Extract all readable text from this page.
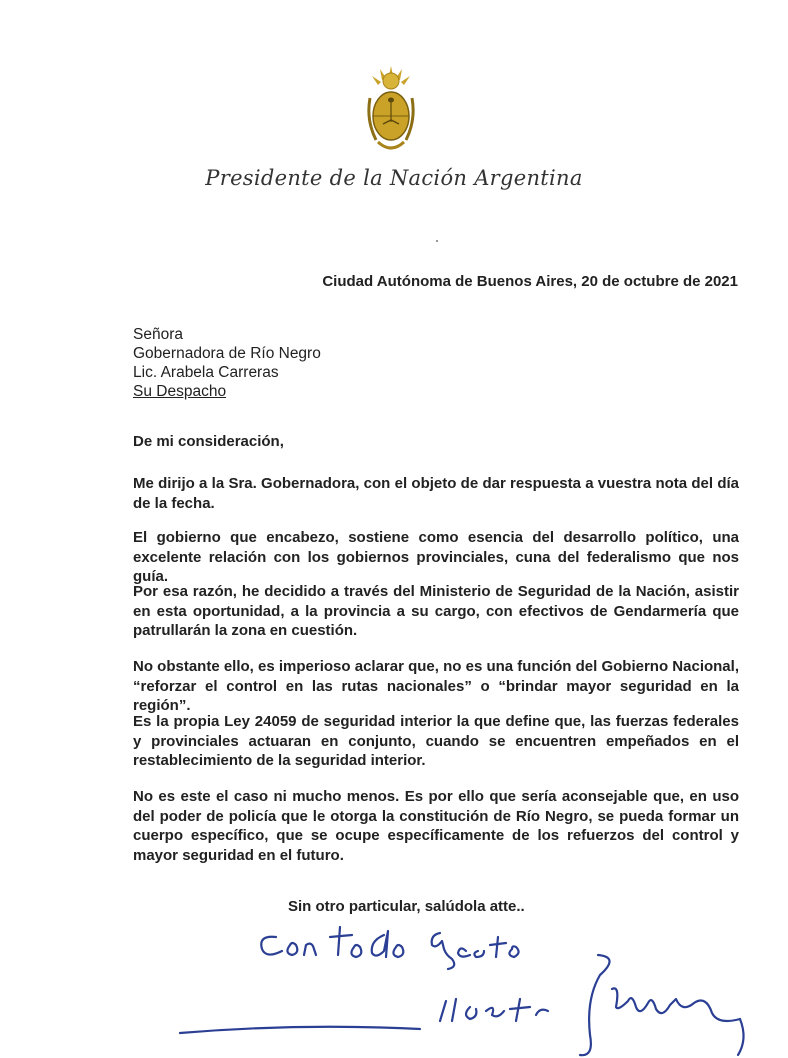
Presidente de la Nación Argentina
Ciudad Autónoma de Buenos Aires, 20 de octubre de 2021
Señora
Gobernadora de Río Negro
Lic. Arabela Carreras
Su Despacho
De mi consideración,
Me dirijo a la Sra. Gobernadora, con el objeto de dar respuesta a vuestra nota del día de la fecha.
El gobierno que encabezo, sostiene como esencia del desarrollo político, una excelente relación con los gobiernos provinciales, cuna del federalismo que nos guía.
Por esa razón, he decidido a través del Ministerio de Seguridad de la Nación, asistir en esta oportunidad, a la provincia a su cargo, con efectivos de Gendarmería que patrullarán la zona en cuestión.
No obstante ello, es imperioso aclarar que, no es una función del Gobierno Nacional, “reforzar el control en las rutas nacionales” o “brindar mayor seguridad en la región”.
Es la propia Ley 24059 de seguridad interior la que define que, las fuerzas federales y provinciales actuaran en conjunto, cuando se encuentren empeñados en el restablecimiento de la seguridad interior.
No es este el caso ni mucho menos. Es por ello que sería aconsejable que, en uso del poder de policía que le otorga la constitución de Río Negro, se pueda formar un cuerpo específico, que se ocupe específicamente de los refuerzos del control y mayor seguridad en el futuro.
Sin otro particular, salúdola atte..
